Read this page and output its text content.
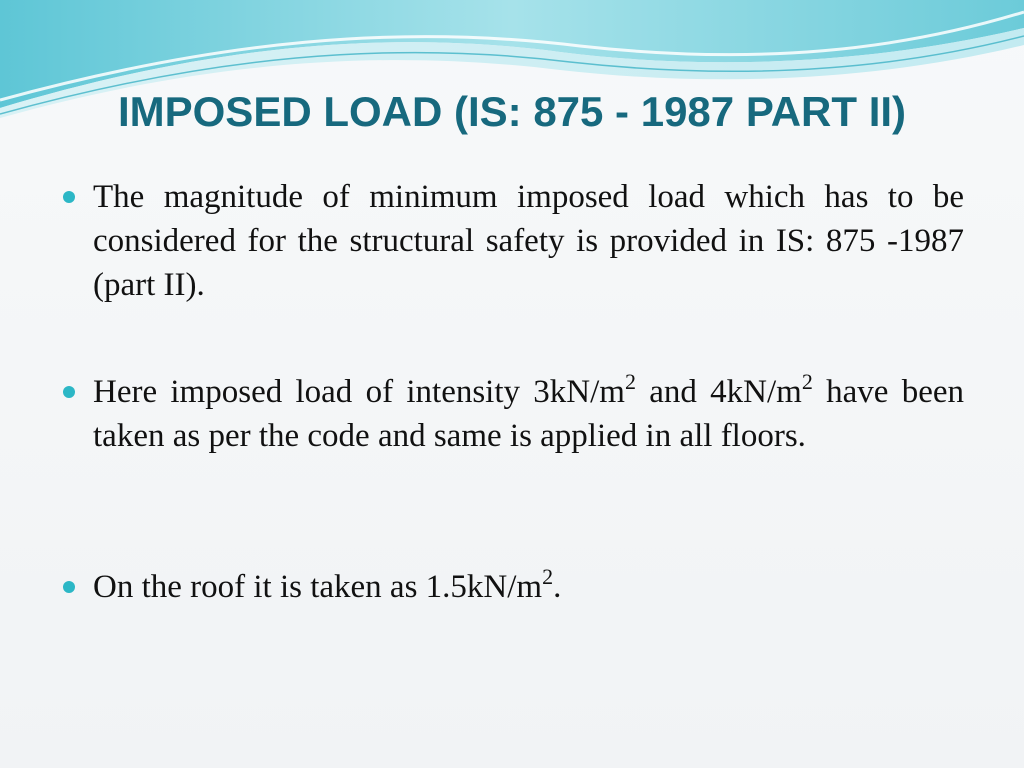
IMPOSED LOAD (IS: 875 - 1987 PART II)
The magnitude of minimum imposed load which has to be considered for the structural safety is provided in IS: 875 -1987 (part II).
Here imposed load of intensity $3kN/m^2$ and $4kN/m^2$ have been taken as per the code and same is applied in all floors.
On the roof it is taken as $1.5kN/m^2$.
